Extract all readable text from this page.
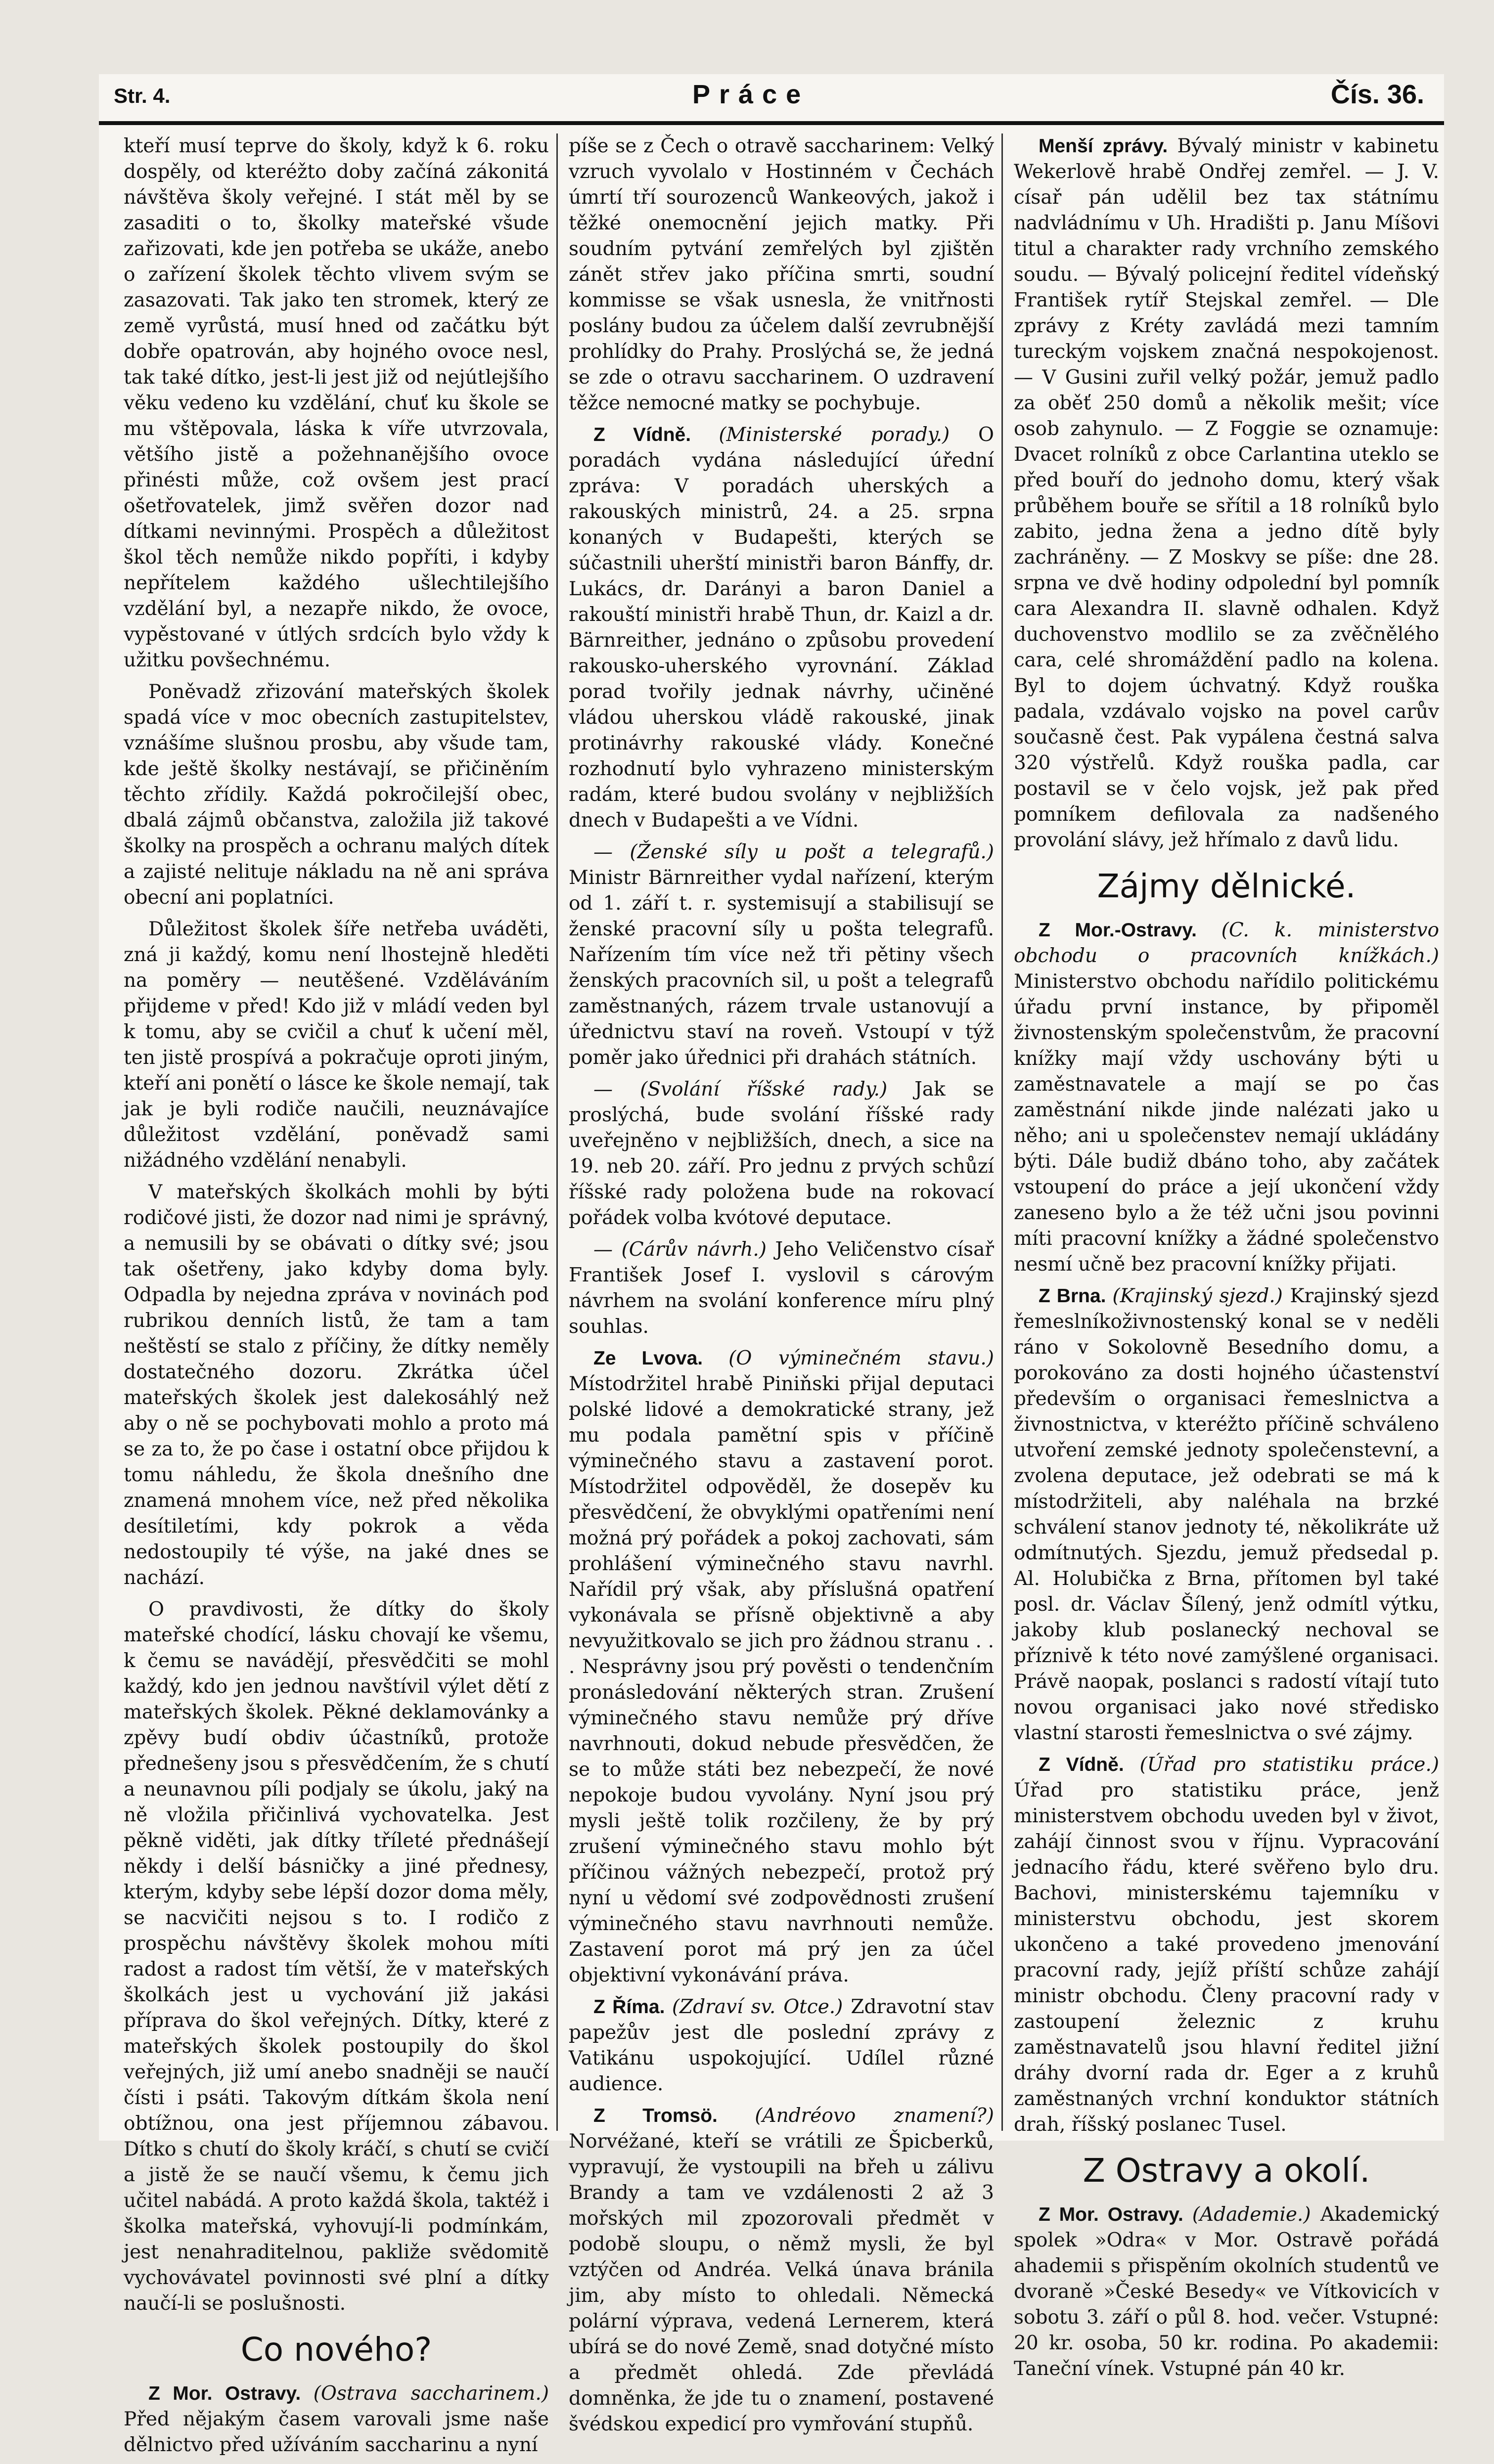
Str. 4.	Práce	Čís. 36.

kteří musí teprve do školy, když k 6. roku dospěly, od kteréžto doby začíná zákonitá návštěva školy veřejné. I stát měl by se zasaditi o to, školky mateřské všude zařizovati, kde jen potřeba se ukáže, anebo o zařízení školek těchto vlivem svým se zasazovati. Tak jako ten stromek, který ze země vyrůstá, musí hned od začátku být dobře opatrován, aby hojného ovoce nesl, tak také dítko, jest-li jest již od nejútlejšího věku vedeno ku vzdělání, chuť ku škole se mu vštěpovala, láska k víře utvrzovala, většího jistě a požehnanějšího ovoce přinésti může, což ovšem jest prací ošetřovatelek, jimž svěřen dozor nad dítkami nevinnými. Prospěch a důležitost škol těch nemůže nikdo popříti, i kdyby nepřítelem každého ušlechtilejšího vzdělání byl, a nezapře nikdo, že ovoce, vypěstované v útlých srdcích bylo vždy k užitku povšechnému.

Poněvadž zřizování mateřských školek spadá více v moc obecních zastupitelstev, vznášíme slušnou prosbu, aby všude tam, kde ještě školky nestávají, se přičiněním těchto zřídily. Každá pokročilejší obec, dbalá zájmů občanstva, založila již takové školky na prospěch a ochranu malých dítek a zajisté nelituje nákladu na ně ani správa obecní ani poplatníci.

Důležitost školek šíře netřeba uváděti, zná ji každý, komu není lhostejně hleděti na poměry — neutěšené. Vzděláváním přijdeme v před! Kdo již v mládí veden byl k tomu, aby se cvičil a chuť k učení měl, ten jistě prospívá a pokračuje oproti jiným, kteří ani ponětí o lásce ke škole nemají, tak jak je byli rodiče naučili, neuznávajíce důležitost vzdělání, poněvadž sami nižádného vzdělání nenabyli.

V mateřských školkách mohli by býti rodičové jisti, že dozor nad nimi je správný, a nemusili by se obávati o dítky své; jsou tak ošetřeny, jako kdyby doma byly. Odpadla by nejedna zpráva v novinách pod rubrikou denních listů, že tam a tam neštěstí se stalo z příčiny, že dítky neměly dostatečného dozoru. Zkrátka účel mateřských školek jest dalekosáhlý než aby o ně se pochybovati mohlo a proto má se za to, že po čase i ostatní obce přijdou k tomu náhledu, že škola dnešního dne znamená mnohem více, než před několika desítiletími, kdy pokrok a věda nedostoupily té výše, na jaké dnes se nachází.

O pravdivosti, že dítky do školy mateřské chodící, lásku chovají ke všemu, k čemu se navádějí, přesvědčiti se mohl každý, kdo jen jednou navštívil výlet dětí z mateřských školek. Pěkné deklamovánky a zpěvy budí obdiv účastníků, protože přednešeny jsou s přesvědčením, že s chutí a neunavnou píli podjaly se úkolu, jaký na ně vložila přičinlivá vychovatelka. Jest pěkně viděti, jak dítky tříleté přednášejí někdy i delší básničky a jiné přednesy, kterým, kdyby sebe lépší dozor doma měly, se nacvičiti nejsou s to. I rodičo z prospěchu návštěvy školek mohou míti radost a radost tím větší, že v mateřských školkách jest u vychování již jakási příprava do škol veřejných. Dítky, které z mateřských školek postoupily do škol veřejných, již umí anebo snadněji se naučí čísti i psáti. Takovým dítkám škola není obtížnou, ona jest příjemnou zábavou. Dítko s chutí do školy kráčí, s chutí se cvičí a jistě že se naučí všemu, k čemu jich učitel nabádá. A proto každá škola, taktéž i školka mateřská, vyhovují-li podmínkám, jest nenahraditelnou, pakliže svědomitě vychovávatel povinnosti své plní a dítky naučí-li se poslušnosti.

Co nového?

Z Mor. Ostravy. (Ostrava saccharinem.) Před nějakým časem varovali jsme naše dělnictvo před užíváním saccharinu a nyní

píše se z Čech o otravě saccharinem: Velký vzruch vyvolalo v Hostinném v Čechách úmrtí tří sourozenců Wankeových, jakož i těžké onemocnění jejich matky. Při soudním pytvání zemřelých byl zjištěn zánět střev jako příčina smrti, soudní kommisse se však usnesla, že vnitřnosti poslány budou za účelem další zevrubnější prohlídky do Prahy. Proslýchá se, že jedná se zde o otravu saccharinem. O uzdravení těžce nemocné matky se pochybuje.

Z Vídně. (Ministerské porady.) O poradách vydána následující úřední zpráva: V poradách uherských a rakouských ministrů, 24. a 25. srpna konaných v Budapešti, kterých se súčastnili uherští ministři baron Bánffy, dr. Lukács, dr. Darányi a baron Daniel a rakouští ministři hrabě Thun, dr. Kaizl a dr. Bärnreither, jednáno o způsobu provedení rakousko-uherského vyrovnání. Základ porad tvořily jednak návrhy, učiněné vládou uherskou vládě rakouské, jinak protinávrhy rakouské vlády. Konečné rozhodnutí bylo vyhrazeno ministerským radám, které budou svolány v nejbližších dnech v Budapešti a ve Vídni.

— (Ženské síly u pošt a telegrafů.) Ministr Bärnreither vydal nařízení, kterým od 1. září t. r. systemisují a stabilisují se ženské pracovní síly u pošta telegrafů. Nařízením tím více než tři pětiny všech ženských pracovních sil, u pošt a telegrafů zaměstnaných, rázem trvale ustanovují a úřednictvu staví na roveň. Vstoupí v týž poměr jako úřednici při drahách státních.

— (Svolání říšské rady.) Jak se proslýchá, bude svolání říšské rady uveřejněno v nejbližších, dnech, a sice na 19. neb 20. září. Pro jednu z prvých schůzí říšské rady položena bude na rokovací pořádek volba kvótové deputace.

— (Cárův návrh.) Jeho Veličenstvo císař František Josef I. vyslovil s cárovým návrhem na svolání konference míru plný souhlas.

Ze Lvova. (O výminečném stavu.) Místodržitel hrabě Piniňski přijal deputaci polské lidové a demokratické strany, jež mu podala pamětní spis v příčině výminečného stavu a zastavení porot. Místodržitel odpověděl, že dosepěv ku přesvědčení, že obvyklými opatřeními není možná prý pořádek a pokoj zachovati, sám prohlášení výminečného stavu navrhl. Nařídil prý však, aby příslušná opatření vykonávala se přísně objektivně a aby nevyužitkovalo se jich pro žádnou stranu . . . Nesprávny jsou prý pověsti o tendenčním pronásledování některých stran. Zrušení výminečného stavu nemůže prý dříve navrhnouti, dokud nebude přesvědčen, že se to může státi bez nebezpečí, že nové nepokoje budou vyvolány. Nyní jsou prý mysli ještě tolik rozčileny, že by prý zrušení výminečného stavu mohlo být příčinou vážných nebezpečí, protož prý nyní u vědomí své zodpovědnosti zrušení výminečného stavu navrhnouti nemůže. Zastavení porot má prý jen za účel objektivní vykonávání práva.

Z Říma. (Zdraví sv. Otce.) Zdravotní stav papežův jest dle poslední zprávy z Vatikánu uspokojující. Udílel různé audience.

Z Tromsö. (Andréovo znamení?) Norvéžané, kteří se vrátili ze Špicberků, vypravují, že vystoupili na břeh u zálivu Brandy a tam ve vzdálenosti 2 až 3 mořských mil zpozorovali předmět v podobě sloupu, o němž mysli, že byl vztýčen od Andréa. Velká únava bránila jim, aby místo to ohledali. Německá polární výprava, vedená Lernerem, která ubírá se do nové Země, snad dotyčné místo a předmět ohledá. Zde převládá domněnka, že jde tu o znamení, postavené švédskou expedicí pro vymřování stupňů.

Menší zprávy. Bývalý ministr v kabinetu Wekerlově hrabě Ondřej zemřel. — J. V. císař pán udělil bez tax státnímu nadvládnímu v Uh. Hradišti p. Janu Míšovi titul a charakter rady vrchního zemského soudu. — Bývalý policejní ředitel vídeňský František rytíř Stejskal zemřel. — Dle zprávy z Kréty zavládá mezi tamním tureckým vojskem značná nespokojenost. — V Gusini zuřil velký požár, jemuž padlo za oběť 250 domů a několik mešit; více osob zahynulo. — Z Foggie se oznamuje: Dvacet rolníků z obce Carlantina uteklo se před bouří do jednoho domu, který však průběhem bouře se sřítil a 18 rolníků bylo zabito, jedna žena a jedno dítě byly zachráněny. — Z Moskvy se píše: dne 28. srpna ve dvě hodiny odpolední byl pomník cara Alexandra II. slavně odhalen. Když duchovenstvo modlilo se za zvěčnělého cara, celé shromáždění padlo na kolena. Byl to dojem úchvatný. Když rouška padala, vzdávalo vojsko na povel carův současně čest. Pak vypálena čestná salva 320 výstřelů. Když rouška padla, car postavil se v čelo vojsk, jež pak před pomníkem defilovala za nadšeného provolání slávy, jež hřímalo z davů lidu.

Zájmy dělnické.

Z Mor.-Ostravy. (C. k. ministerstvo obchodu o pracovních knížkách.) Ministerstvo obchodu nařídilo politickému úřadu první instance, by připoměl živnostenským společenstvům, že pracovní knížky mají vždy uschovány býti u zaměstnavatele a mají se po čas zaměstnání nikde jinde nalézati jako u něho; ani u společenstev nemají ukládány býti. Dále budiž dbáno toho, aby začátek vstoupení do práce a její ukončení vždy zaneseno bylo a že též učni jsou povinni míti pracovní knížky a žádné společenstvo nesmí učně bez pracovní knížky přijati.

Z Brna. (Krajinský sjezd.) Krajinský sjezd řemeslníkoživnostenský konal se v neděli ráno v Sokolovně Besedního domu, a porokováno za dosti hojného účastenství především o organisaci řemeslnictva a živnostnictva, v kteréžto příčině schváleno utvoření zemské jednoty společenstevní, a zvolena deputace, jež odebrati se má k místodržiteli, aby naléhala na brzké schválení stanov jednoty té, několikráte už odmítnutých. Sjezdu, jemuž předsedal p. Al. Holubička z Brna, přítomen byl také posl. dr. Václav Šílený, jenž odmítl výtku, jakoby klub poslanecký nechoval se příznivě k této nové zamýšlené organisaci. Právě naopak, poslanci s radostí vítají tuto novou organisaci jako nové středisko vlastní starosti řemeslnictva o své zájmy.

Z Vídně. (Úřad pro statistiku práce.) Úřad pro statistiku práce, jenž ministerstvem obchodu uveden byl v život, zahájí činnost svou v říjnu. Vypracování jednacího řádu, které svěřeno bylo dru. Bachovi, ministerskému tajemníku v ministerstvu obchodu, jest skorem ukončeno a také provedeno jmenování pracovní rady, jejíž příští schůze zahájí ministr obchodu. Členy pracovní rady v zastoupení železnic z kruhu zaměstnavatelů jsou hlavní ředitel jižní dráhy dvorní rada dr. Eger a z kruhů zaměstnaných vrchní konduktor státních drah, říšský poslanec Tusel.

Z Ostravy a okolí.

Z Mor. Ostravy. (Adademie.) Akademický spolek »Odra« v Mor. Ostravě pořádá ahademii s přispěním okolních studentů ve dvoraně »České Besedy« ve Vítkovicích v sobotu 3. září o půl 8. hod. večer. Vstupné: 20 kr. osoba, 50 kr. rodina. Po akademii: Taneční vínek. Vstupné pán 40 kr.
